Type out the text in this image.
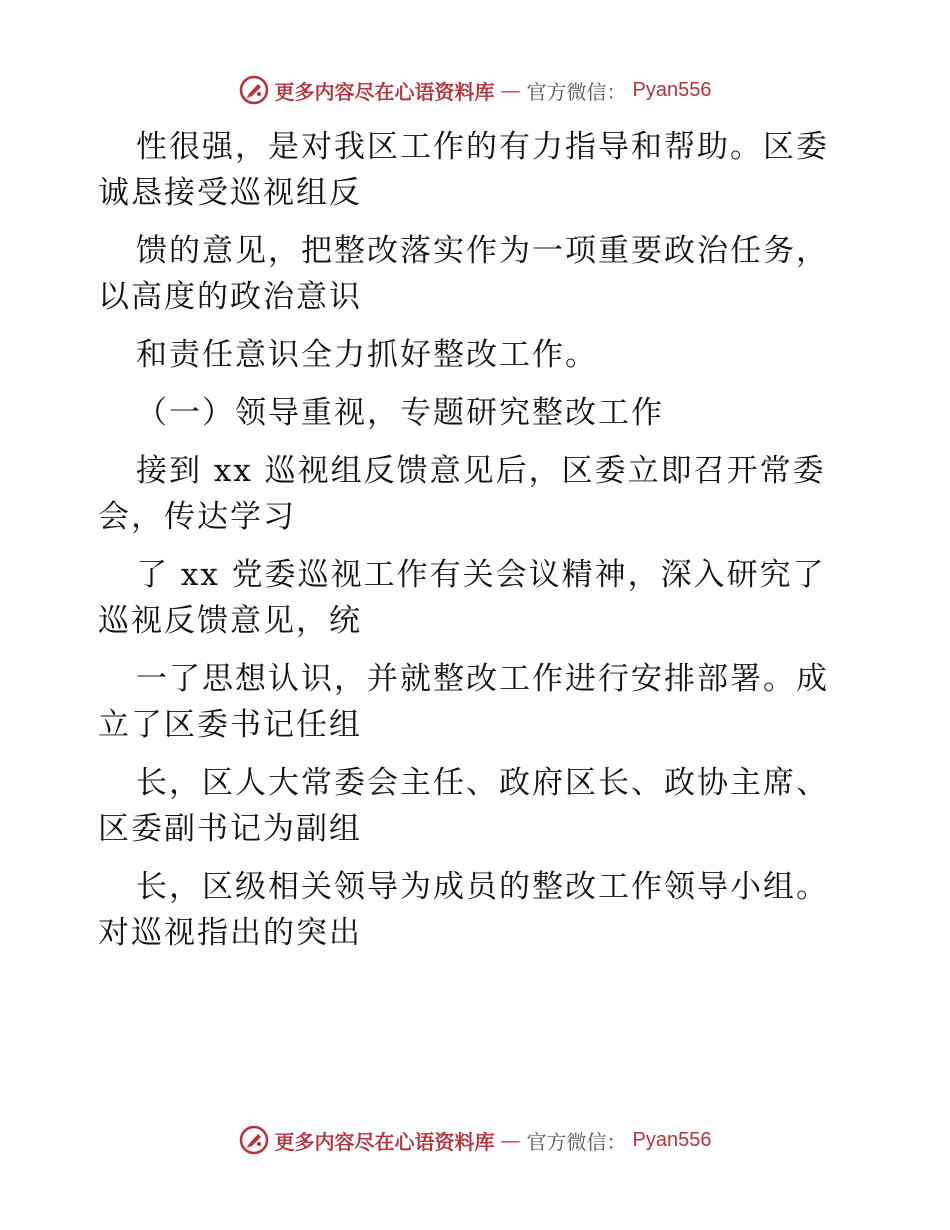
更多内容尽在心语资料库 — 官方微信： Pyan556

性很强，是对我区工作的有力指导和帮助。区委

诚恳接受巡视组反

馈的意见，把整改落实作为一项重要政治任务，

以高度的政治意识

和责任意识全力抓好整改工作。

（一）领导重视，专题研究整改工作

接到 xx 巡视组反馈意见后，区委立即召开常委

会，传达学习

了 xx 党委巡视工作有关会议精神，深入研究了

巡视反馈意见，统

一了思想认识，并就整改工作进行安排部署。成

立了区委书记任组

长，区人大常委会主任、政府区长、政协主席、

区委副书记为副组

长，区级相关领导为成员的整改工作领导小组。

对巡视指出的突出

更多内容尽在心语资料库 — 官方微信： Pyan556
